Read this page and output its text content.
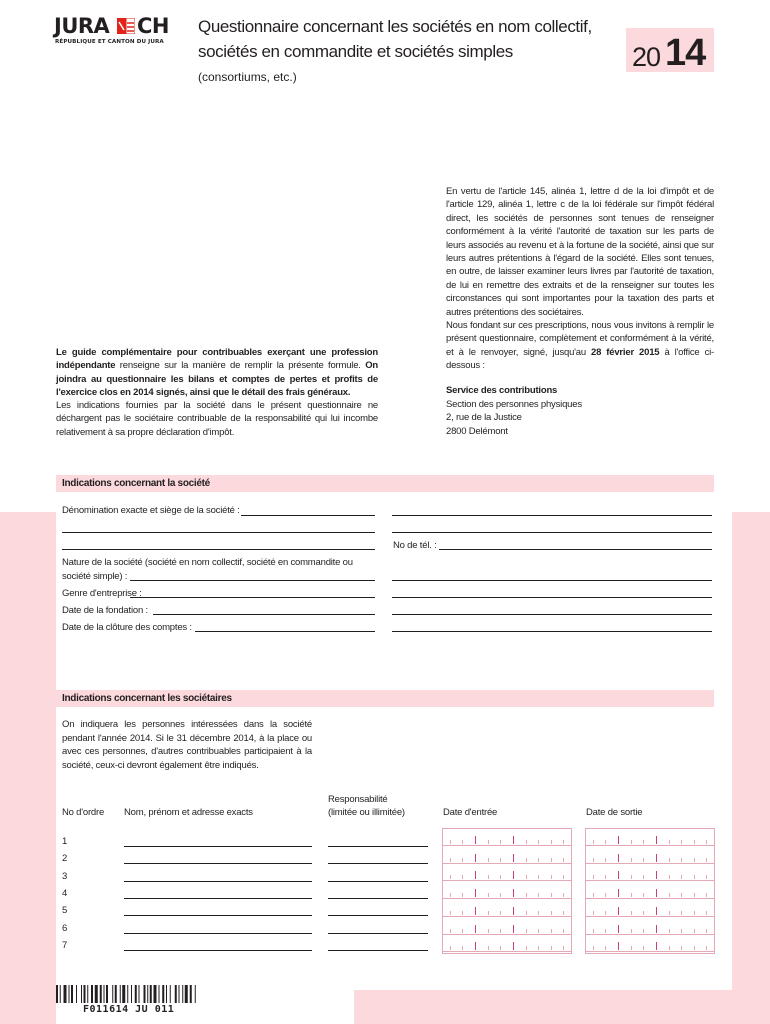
JURA CH
RÉPUBLIQUE ET CANTON DU JURA
Questionnaire concernant les sociétés en nom collectif,
sociétés en commandite et sociétés simples
(consortiums, etc.)
20 14
En vertu de l'article 145, alinéa 1, lettre d de la loi d'impôt et de l'article 129, alinéa 1, lettre c de la loi fédérale sur l'impôt fédéral direct, les sociétés de personnes sont tenues de renseigner conformément à la vérité l'autorité de taxation sur les parts de leurs associés au revenu et à la fortune de la société, ainsi que sur leurs autres prétentions à l'égard de la société. Elles sont tenues, en outre, de laisser examiner leurs livres par l'autorité de taxation, de lui en remettre des extraits et de la renseigner sur toutes les circonstances qui sont importantes pour la taxation des parts et autres prétentions des sociétaires.
Nous fondant sur ces prescriptions, nous vous invitons à remplir le présent questionnaire, complètement et conformément à la vérité, et à le renvoyer, signé, jusqu'au 28 février 2015 à l'office ci-dessous :
Service des contributions
Section des personnes physiques
2, rue de la Justice
2800 Delémont
Le guide complémentaire pour contribuables exerçant une profession indépendante renseigne sur la manière de remplir la présente formule. On joindra au questionnaire les bilans et comptes de pertes et profits de l'exercice clos en 2014 signés, ainsi que le détail des frais généraux.
Les indications fournies par la société dans le présent questionnaire ne déchargent pas le sociétaire contribuable de la responsabilité qui lui incombe relativement à sa propre déclaration d'impôt.
Indications concernant la société
Dénomination exacte et siège de la société :
No de tél. :
Nature de la société (société en nom collectif, société en commandite ou
société simple) :
Genre d'entreprise :
Date de la fondation :
Date de la clôture des comptes :
Indications concernant les sociétaires
On indiquera les personnes intéressées dans la société pendant l'année 2014. Si le 31 décembre 2014, à la place ou avec ces personnes, d'autres contribuables participaient à la société, ceux-ci devront également être indiqués.
No d'ordre Nom, prénom et adresse exacts
Responsabilité
(limitée ou illimitée)	Date d'entrée	Date de sortie
1
2
3
4
5
6
7
F011614 JU 011
